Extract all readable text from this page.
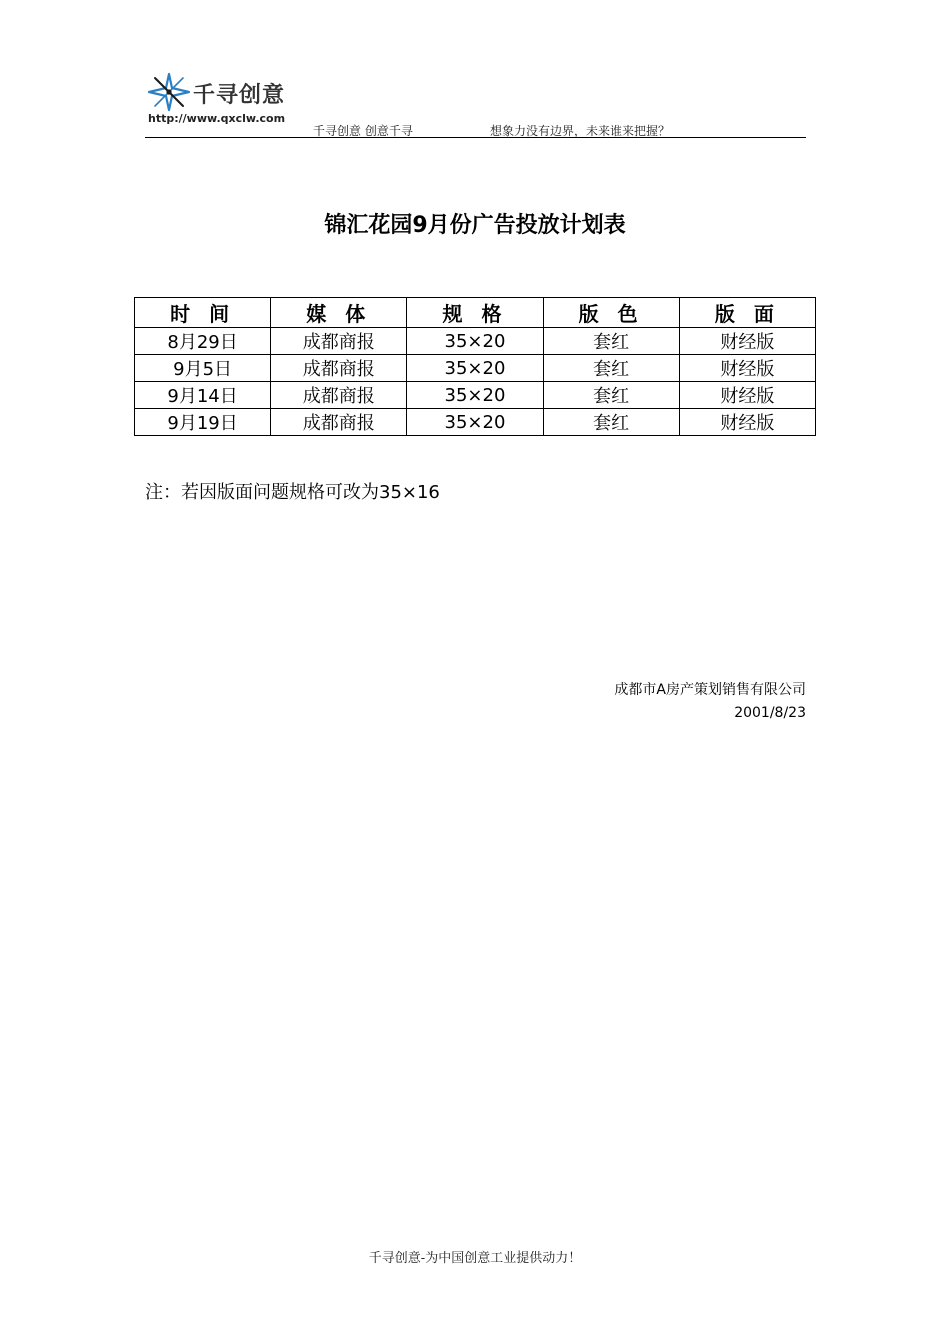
千寻创意
http://www.qxclw.com
千寻创意 创意千寻	想象力没有边界，未来谁来把握？
锦汇花园9月份广告投放计划表
时 间	媒 体	规 格	版 色	版 面
8月29日	成都商报	35×20	套红	财经版
9月5日	成都商报	35×20	套红	财经版
9月14日	成都商报	35×20	套红	财经版
9月19日	成都商报	35×20	套红	财经版
注：若因版面问题规格可改为35×16
成都市A房产策划销售有限公司
2001/8/23
千寻创意-为中国创意工业提供动力！
